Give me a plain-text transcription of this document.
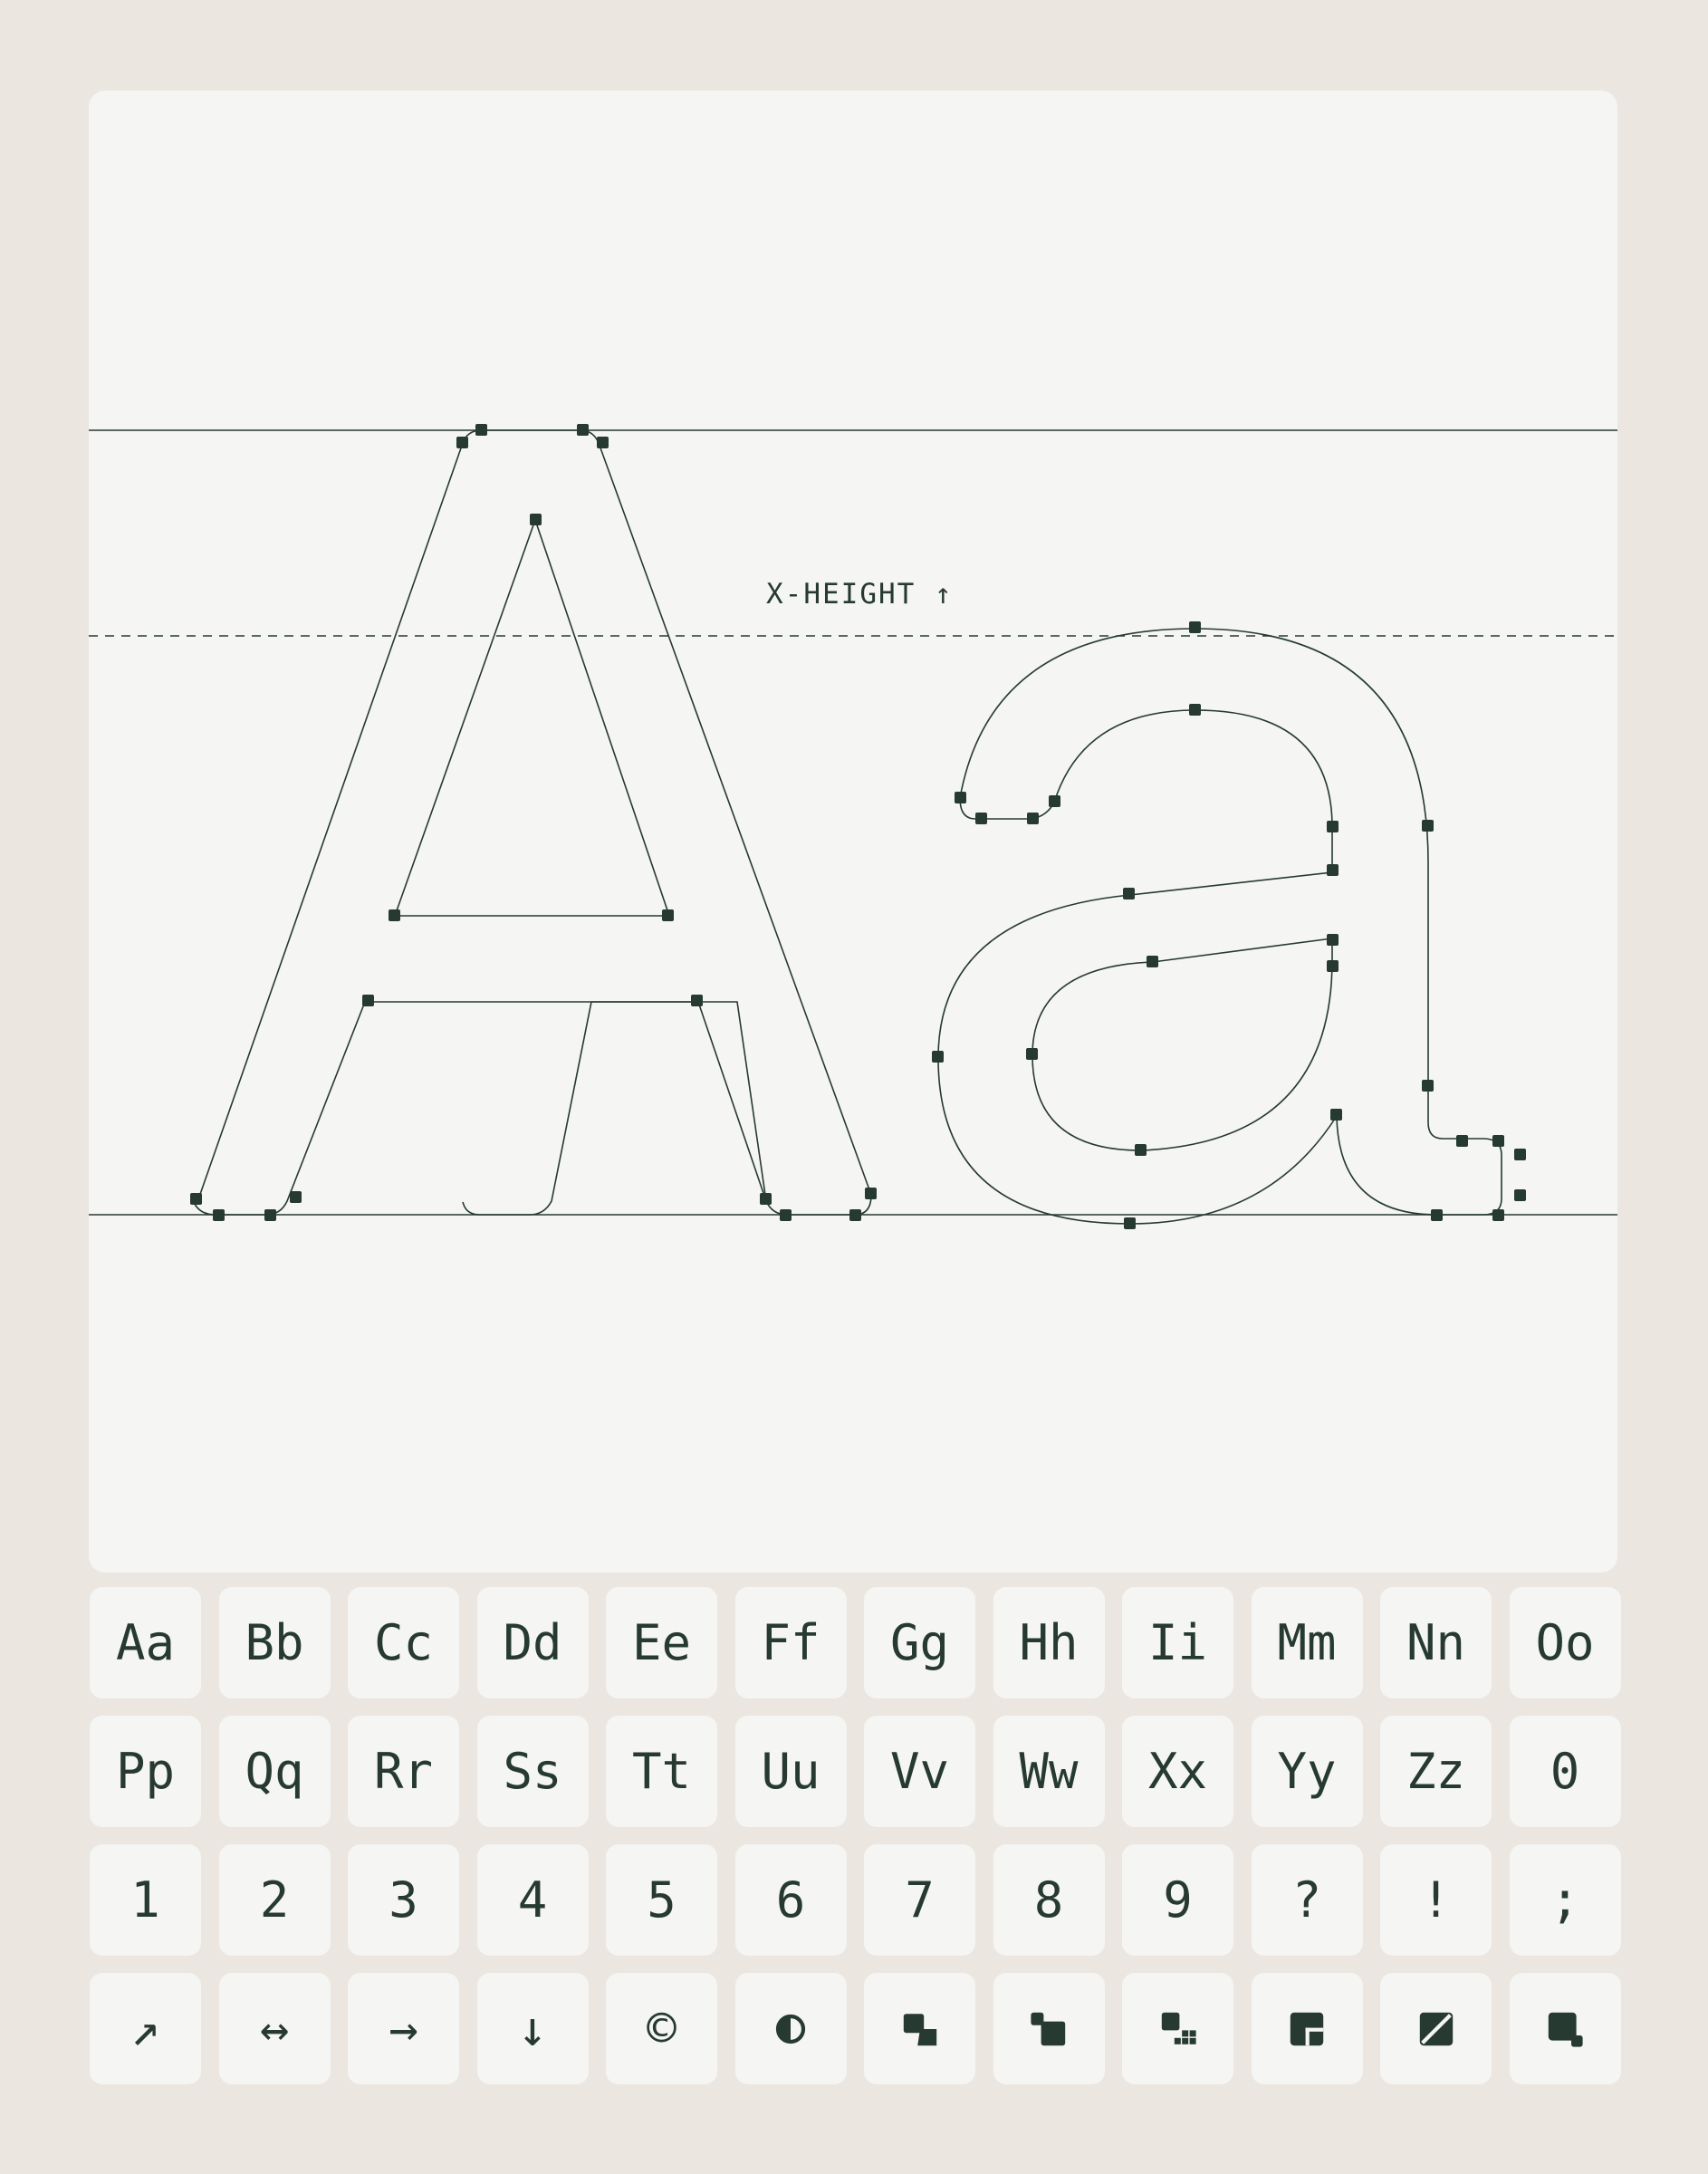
X-HEIGHT ↑
Aa Bb Cc Dd Ee Ff Gg Hh Ii Mm Nn Oo
Pp Qq Rr Ss Tt Uu Vv Ww Xx Yy Zz 0
1 2 3 4 5 6 7 8 9 ? ! ;
↗ ↔ → ↓ ©
